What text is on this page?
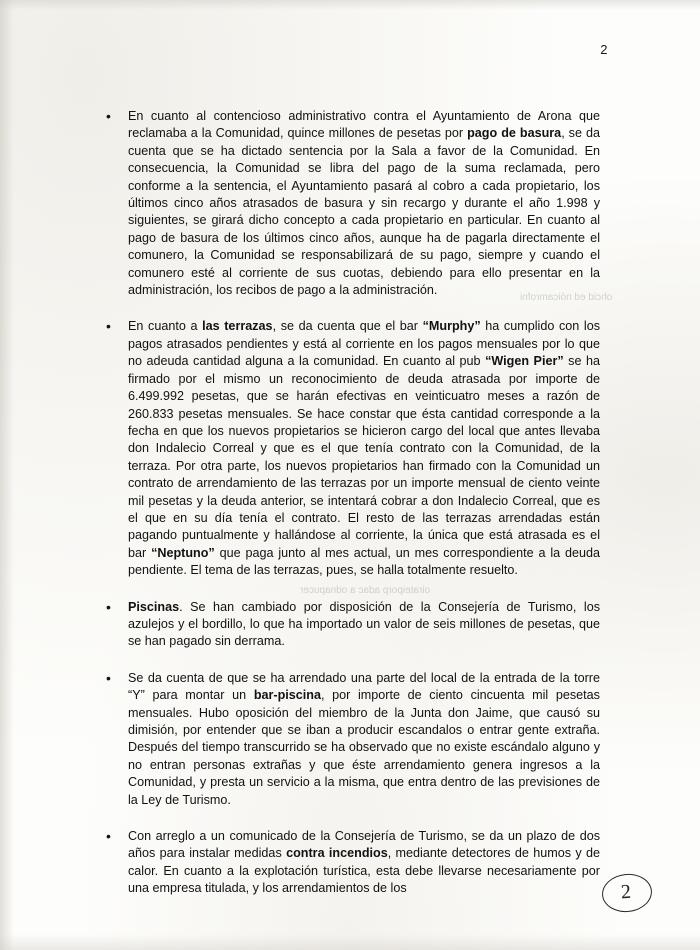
ohcid ed nóicamrofni
oirateiporp adac a odnapucer
2
• En cuanto al contencioso administrativo contra el Ayuntamiento de Arona que reclamaba a la Comunidad, quince millones de pesetas por pago de basura, se da cuenta que se ha dictado sentencia por la Sala a favor de la Comunidad. En consecuencia, la Comunidad se libra del pago de la suma reclamada, pero conforme a la sentencia, el Ayuntamiento pasará al cobro a cada propietario, los últimos cinco años atrasados de basura y sin recargo y durante el año 1.998 y siguientes, se girará dicho concepto a cada propietario en particular. En cuanto al pago de basura de los últimos cinco años, aunque ha de pagarla directamente el comunero, la Comunidad se responsabilizará de su pago, siempre y cuando el comunero esté al corriente de sus cuotas, debiendo para ello presentar en la administración, los recibos de pago a la administración.
• En cuanto a las terrazas, se da cuenta que el bar “Murphy” ha cumplido con los pagos atrasados pendientes y está al corriente en los pagos mensuales por lo que no adeuda cantidad alguna a la comunidad. En cuanto al pub “Wigen Pier” se ha firmado por el mismo un reconocimiento de deuda atrasada por importe de 6.499.992 pesetas, que se harán efectivas en veinticuatro meses a razón de 260.833 pesetas mensuales. Se hace constar que ésta cantidad corresponde a la fecha en que los nuevos propietarios se hicieron cargo del local que antes llevaba don Indalecio Correal y que es el que tenía contrato con la Comunidad, de la terraza. Por otra parte, los nuevos propietarios han firmado con la Comunidad un contrato de arrendamiento de las terrazas por un importe mensual de ciento veinte mil pesetas y la deuda anterior, se intentará cobrar a don Indalecio Correal, que es el que en su día tenía el contrato. El resto de las terrazas arrendadas están pagando puntualmente y hallándose al corriente, la única que está atrasada es el bar “Neptuno” que paga junto al mes actual, un mes correspondiente a la deuda pendiente. El tema de las terrazas, pues, se halla totalmente resuelto.
• Piscinas. Se han cambiado por disposición de la Consejería de Turismo, los azulejos y el bordillo, lo que ha importado un valor de seis millones de pesetas, que se han pagado sin derrama.
• Se da cuenta de que se ha arrendado una parte del local de la entrada de la torre “Y” para montar un bar-piscina, por importe de ciento cincuenta mil pesetas mensuales. Hubo oposición del miembro de la Junta don Jaime, que causó su dimisión, por entender que se iban a producir escandalos o entrar gente extraña. Después del tiempo transcurrido se ha observado que no existe escándalo alguno y no entran personas extrañas y que éste arrendamiento genera ingresos a la Comunidad, y presta un servicio a la misma, que entra dentro de las previsiones de la Ley de Turismo.
• Con arreglo a un comunicado de la Consejería de Turismo, se da un plazo de dos años para instalar medidas contra incendios, mediante detectores de humos y de calor. En cuanto a la explotación turística, esta debe llevarse necesariamente por una empresa titulada, y los arrendamientos de los	2
